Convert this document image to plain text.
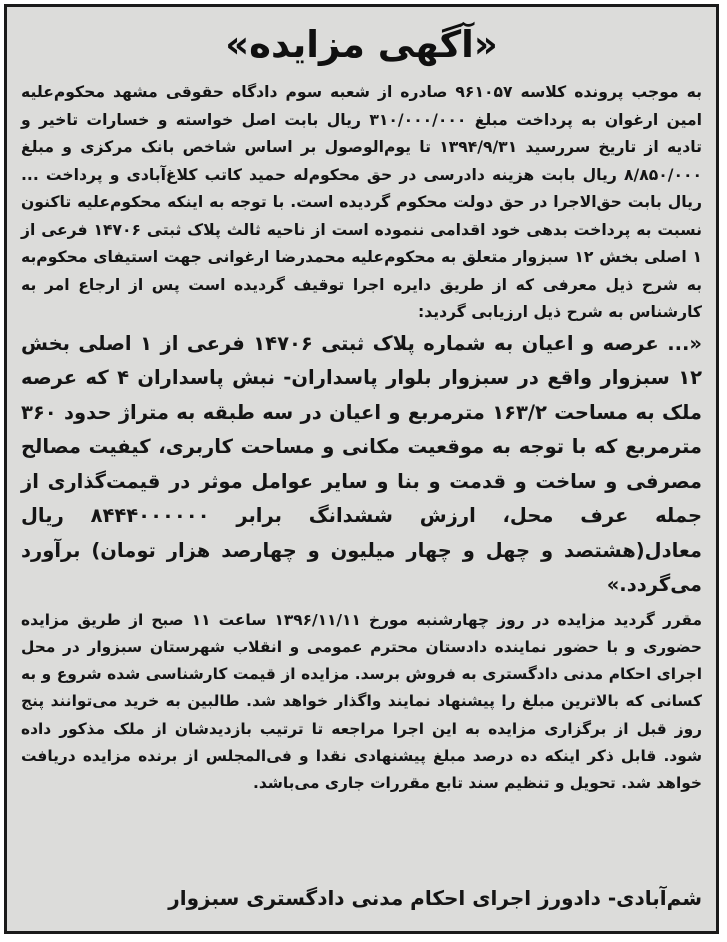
«آگهی مزایده»

به موجب پرونده کلاسه ۹۶۱۰۵۷ صادره از شعبه سوم دادگاه حقوقی مشهد محکوم‌علیه امین ارغوان به پرداخت مبلغ ۳۱۰/۰۰۰/۰۰۰ ریال بابت اصل خواسته و خسارات تاخیر و تادیه از تاریخ سررسید ۱۳۹۴/۹/۳۱ تا یوم‌الوصول بر اساس شاخص بانک مرکزی و مبلغ ۸/۸۵۰/۰۰۰ ریال بابت هزینه دادرسی در حق محکوم‌له حمید کاتب کلاغ‌آبادی و پرداخت ... ریال بابت حق‌الاجرا در حق دولت محکوم گردیده است. با توجه به اینکه محکوم‌علیه تاکنون نسبت به پرداخت بدهی خود اقدامی ننموده است از ناحیه ثالث پلاک ثبتی ۱۴۷۰۶ فرعی از ۱ اصلی بخش ۱۲ سبزوار متعلق به محکوم‌علیه محمدرضا ارغوانی جهت استیفای محکوم‌به به شرح ذیل معرفی که از طریق دایره اجرا توقیف گردیده است پس از ارجاع امر به کارشناس به شرح ذیل ارزیابی گردید:

«... عرصه و اعیان به شماره پلاک ثبتی ۱۴۷۰۶ فرعی از ۱ اصلی بخش ۱۲ سبزوار واقع در سبزوار بلوار پاسداران- نبش پاسداران ۴ که عرصه ملک به مساحت ۱۶۳/۲ مترمربع و اعیان در سه طبقه به متراژ حدود ۳۶۰ مترمربع که با توجه به موقعیت مکانی و مساحت کاربری، کیفیت مصالح مصرفی و ساخت و قدمت و بنا و سایر عوامل موثر در قیمت‌گذاری از جمله عرف محل، ارزش ششدانگ برابر ۸۴۴۴۰۰۰۰۰۰ ریال معادل(هشتصد و چهل و چهار میلیون و چهارصد هزار تومان) برآورد می‌گردد.»

مقرر گردید مزایده در روز چهارشنبه مورخ ۱۳۹۶/۱۱/۱۱ ساعت ۱۱ صبح از طریق مزایده حضوری و با حضور نماینده دادستان محترم عمومی و انقلاب شهرستان سبزوار در محل اجرای احکام مدنی دادگستری به فروش برسد. مزایده از قیمت کارشناسی شده شروع و به کسانی که بالاترین مبلغ را پیشنهاد نمایند واگذار خواهد شد. طالبین به خرید می‌توانند پنج روز قبل از برگزاری مزایده به این اجرا مراجعه تا ترتیب بازدیدشان از ملک مذکور داده شود. قابل ذکر اینکه ده درصد مبلغ پیشنهادی نقدا و فی‌المجلس از برنده مزایده دریافت خواهد شد. تحویل و تنظیم سند تابع مقررات جاری می‌باشد.

شم‌آبادی- دادورز اجرای احکام مدنی دادگستری سبزوار
